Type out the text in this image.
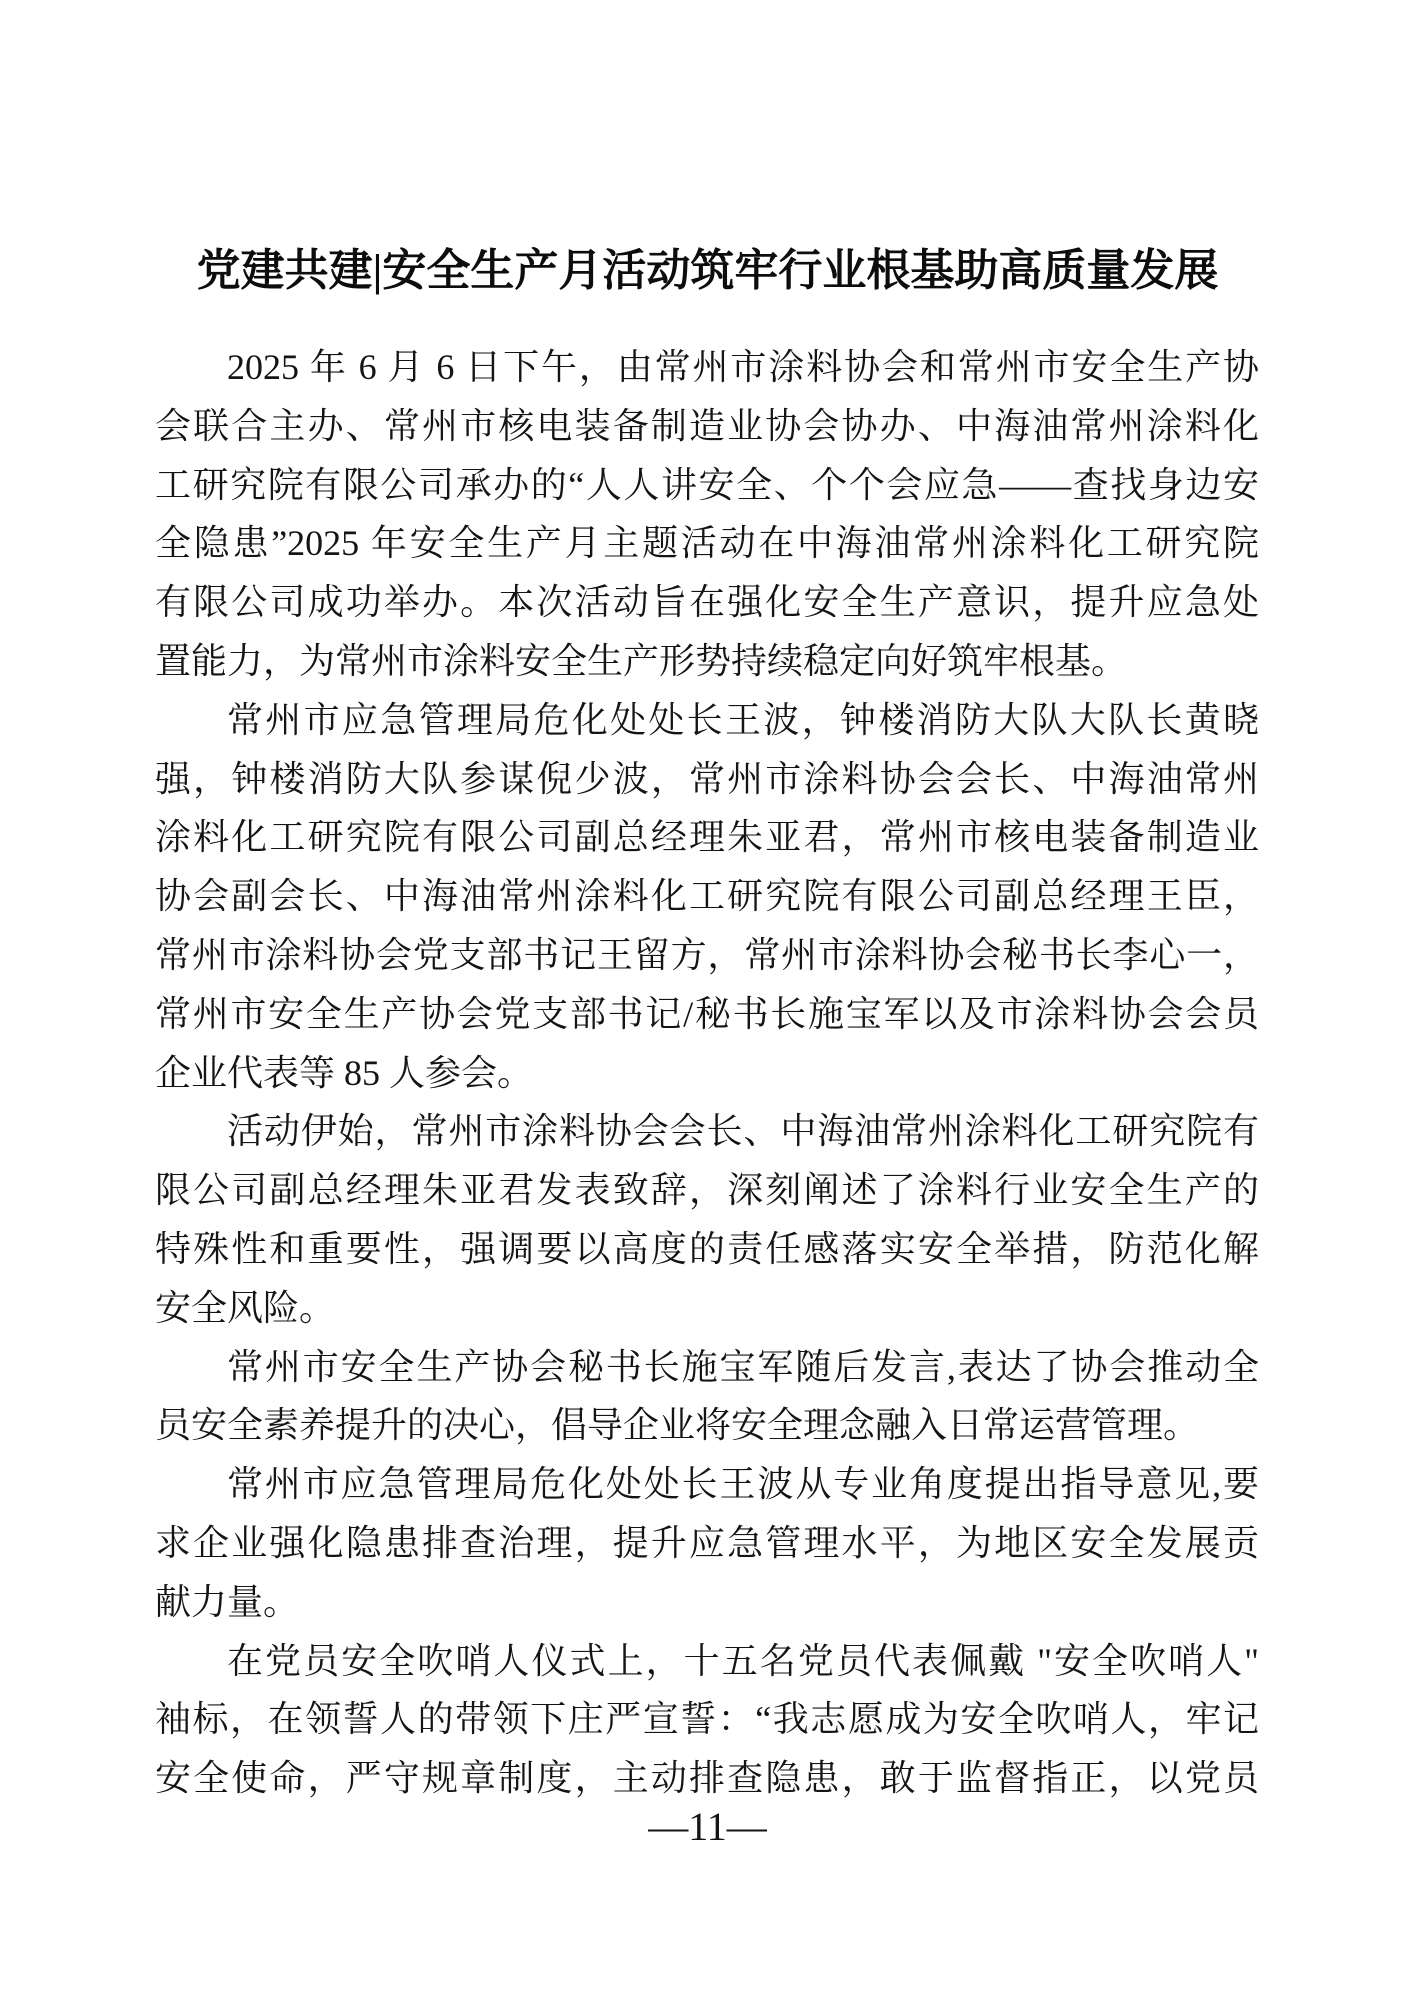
党建共建|安全生产月活动筑牢行业根基助高质量发展
2025 年 6 月 6 日下午，由常州市涂料协会和常州市安全生产协
会联合主办、常州市核电装备制造业协会协办、中海油常州涂料化
工研究院有限公司承办的“人人讲安全、个个会应急——查找身边安
全隐患”2025 年安全生产月主题活动在中海油常州涂料化工研究院
有限公司成功举办。本次活动旨在强化安全生产意识，提升应急处
置能力，为常州市涂料安全生产形势持续稳定向好筑牢根基。
常州市应急管理局危化处处长王波，钟楼消防大队大队长黄晓
强，钟楼消防大队参谋倪少波，常州市涂料协会会长、中海油常州
涂料化工研究院有限公司副总经理朱亚君，常州市核电装备制造业
协会副会长、中海油常州涂料化工研究院有限公司副总经理王臣，
常州市涂料协会党支部书记王留方，常州市涂料协会秘书长李心一，
常州市安全生产协会党支部书记/秘书长施宝军以及市涂料协会会员
企业代表等 85 人参会。
活动伊始，常州市涂料协会会长、中海油常州涂料化工研究院有
限公司副总经理朱亚君发表致辞，深刻阐述了涂料行业安全生产的
特殊性和重要性，强调要以高度的责任感落实安全举措，防范化解
安全风险。
常州市安全生产协会秘书长施宝军随后发言,表达了协会推动全
员安全素养提升的决心，倡导企业将安全理念融入日常运营管理。
常州市应急管理局危化处处长王波从专业角度提出指导意见,要
求企业强化隐患排查治理，提升应急管理水平，为地区安全发展贡
献力量。
在党员安全吹哨人仪式上，十五名党员代表佩戴 "安全吹哨人"
袖标，在领誓人的带领下庄严宣誓：“我志愿成为安全吹哨人，牢记
安全使命，严守规章制度，主动排查隐患，敢于监督指正，以党员
—11—
